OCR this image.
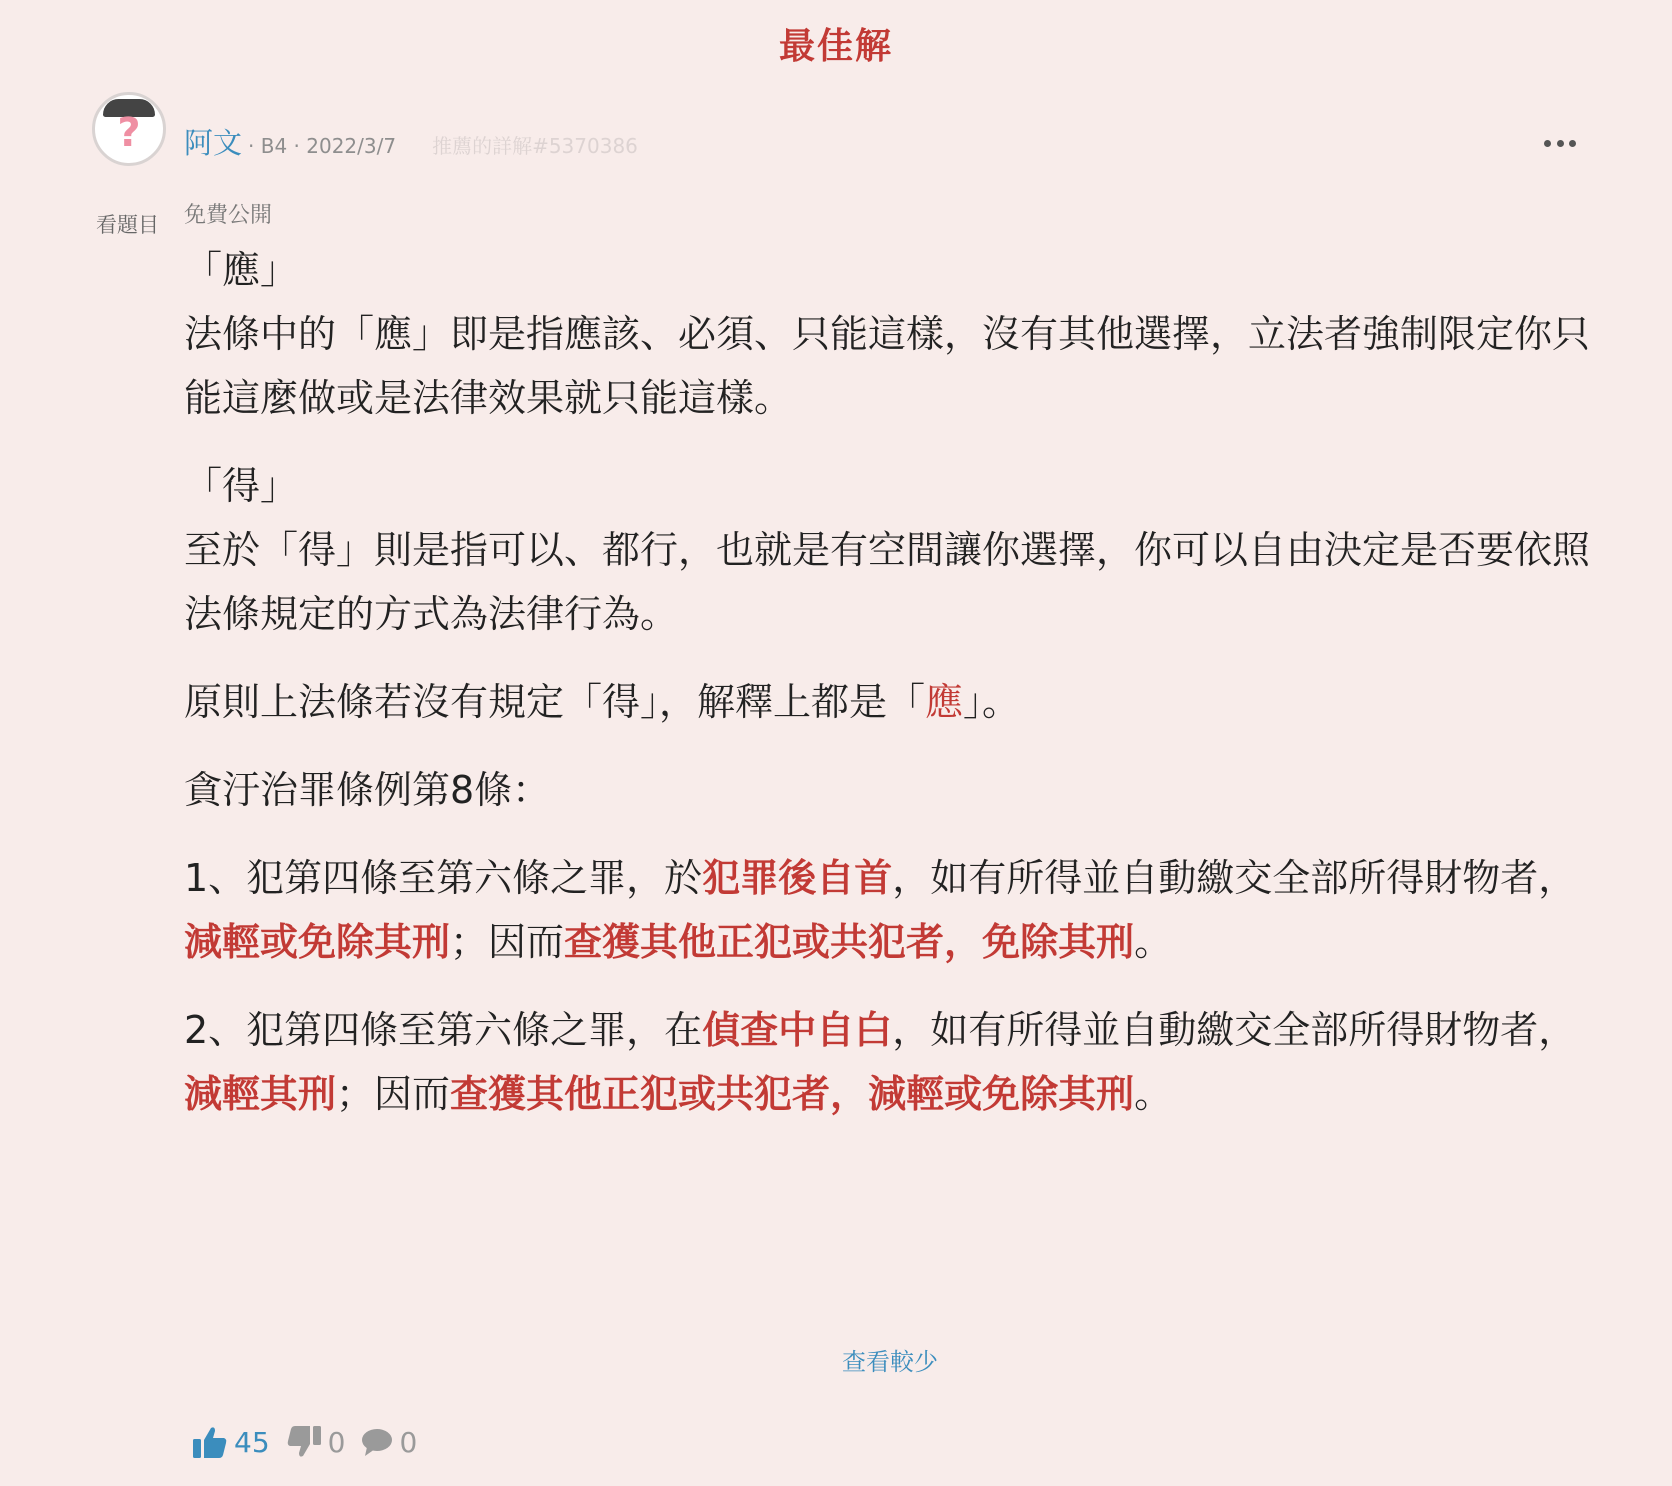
最佳解
?	阿文 · B4 · 2022/3/7 推薦的詳解#5370386
看題目 免費公開

「應」
法條中的「應」即是指應該、必須、只能這樣，沒有其他選擇，立法者強制限定你只能這麼做或是法律效果就只能這樣。

「得」
至於「得」則是指可以、都行，也就是有空間讓你選擇，你可以自由決定是否要依照法條規定的方式為法律行為。

原則上法條若沒有規定「得」，解釋上都是「應」。

貪汙治罪條例第8條：

1、犯第四條至第六條之罪，於犯罪後自首，如有所得並自動繳交全部所得財物者，減輕或免除其刑；因而查獲其他正犯或共犯者，免除其刑。

2、犯第四條至第六條之罪，在偵查中自白，如有所得並自動繳交全部所得財物者，減輕其刑；因而查獲其他正犯或共犯者，減輕或免除其刑。

查看較少
45 0 0
